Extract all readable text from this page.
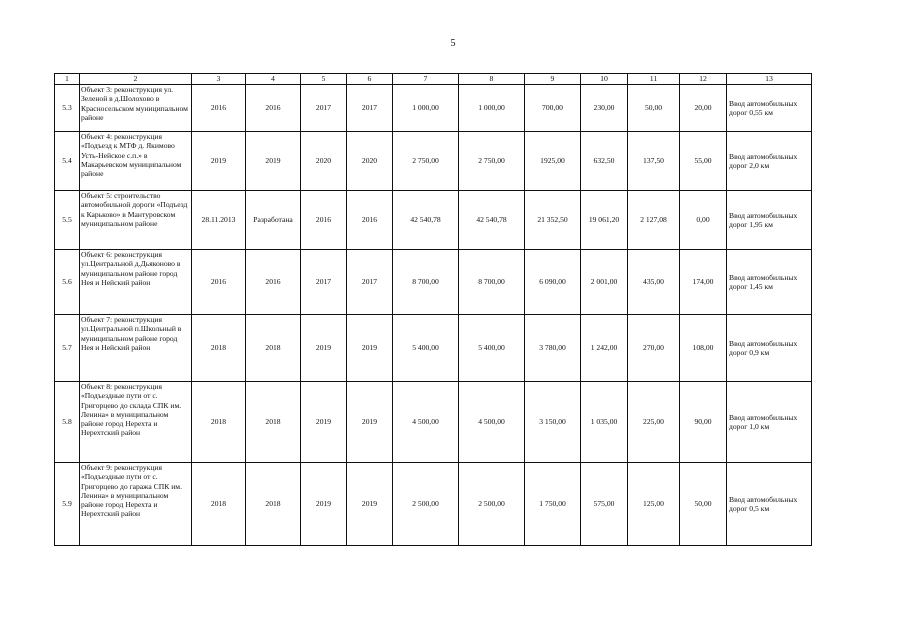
5
1	2	3	4	5	6	7	8	9	10	11	12	13
5.3	Объект 3: реконструкция ул. Зеленой в д.Шолохово в Красносельском муниципальном районе	2016	2016	2017	2017	1 000,00	1 000,00	700,00	230,00	50,00	20,00	Ввод автомобильных дорог 0,55 км
5.4	Объект 4: реконструкция «Подъезд к МТФ д. Якимово Усть-Нейское с.п.» в Макарьевском муниципальном районе	2019	2019	2020	2020	2 750,00	2 750,00	1925,00	632,50	137,50	55,00	Ввод автомобильных дорог 2,0 км
5.5	Объект 5: строительство автомобильной дороги «Подъезд к Карьково» в Мантуровском муниципальном районе	28.11.2013	Разработана	2016	2016	42 540,78	42 540,78	21 352,50	19 061,20	2 127,08	0,00	Ввод автомобильных дорог 1,95 км
5.6	Объект 6: реконструкция ул.Центральной д.Дьяконово в муниципальном районе город Нея и Нейский район	2016	2016	2017	2017	8 700,00	8 700,00	6 090,00	2 001,00	435,00	174,00	Ввод автомобильных дорог 1,45 км
5.7	Объект 7: реконструкция ул.Центральной п.Школьный в муниципальном районе город Нея и Нейский район	2018	2018	2019	2019	5 400,00	5 400,00	3 780,00	1 242,00	270,00	108,00	Ввод автомобильных дорог 0,9 км
5.8	Объект 8: реконструкция «Подъездные пути от с. Григорцево до склада СПК им. Ленина» в муниципальном районе город Нерехта и Нерехтский район	2018	2018	2019	2019	4 500,00	4 500,00	3 150,00	1 035,00	225,00	90,00	Ввод автомобильных дорог 1,0 км
5.9	Объект 9: реконструкция «Подъездные пути от с. Григорцево до гаража СПК им. Ленина» в муниципальном районе город Нерехта и Нерехтский район	2018	2018	2019	2019	2 500,00	2 500,00	1 750,00	575,00	125,00	50,00	Ввод автомобильных дорог 0,5 км
